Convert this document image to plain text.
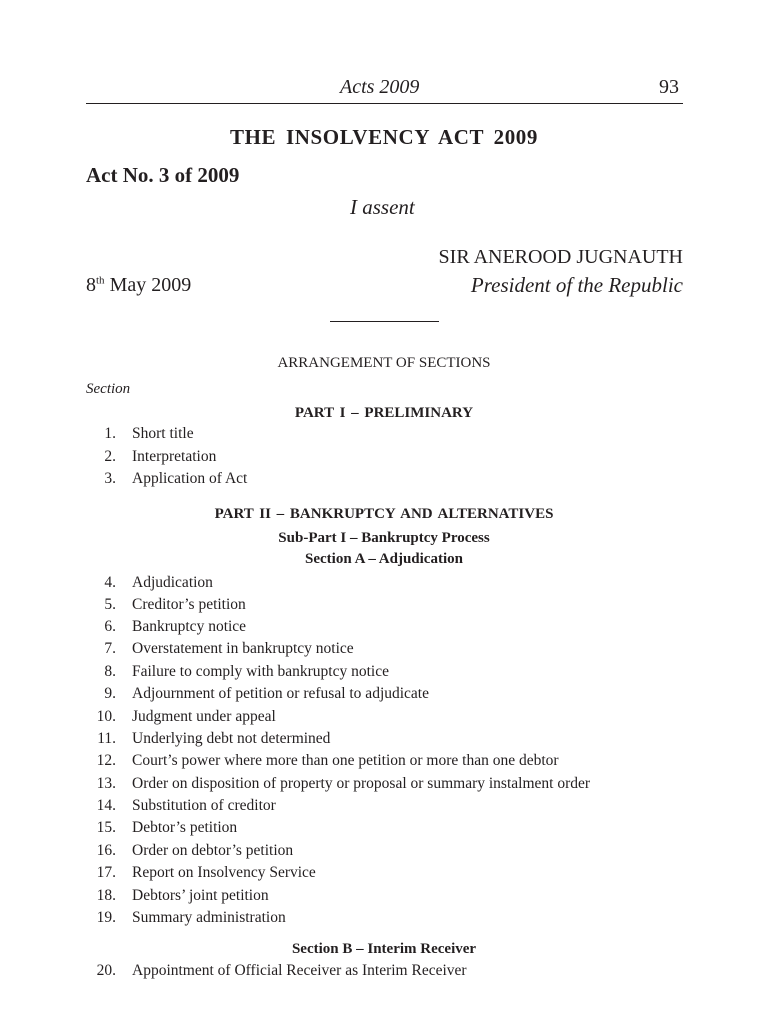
Acts 2009	93
THE INSOLVENCY ACT 2009
Act No. 3 of 2009
I assent
SIR ANEROOD JUGNAUTH
8th May 2009	President of the Republic
ARRANGEMENT OF SECTIONS
Section
PART I – PRELIMINARY
1. Short title
2. Interpretation
3. Application of Act
PART II – BANKRUPTCY AND ALTERNATIVES
Sub-Part I – Bankruptcy Process
Section A – Adjudication
4. Adjudication
5. Creditor’s petition
6. Bankruptcy notice
7. Overstatement in bankruptcy notice
8. Failure to comply with bankruptcy notice
9. Adjournment of petition or refusal to adjudicate
10. Judgment under appeal
11. Underlying debt not determined
12. Court’s power where more than one petition or more than one debtor
13. Order on disposition of property or proposal or summary instalment order
14. Substitution of creditor
15. Debtor’s petition
16. Order on debtor’s petition
17. Report on Insolvency Service
18. Debtors’ joint petition
19. Summary administration
Section B – Interim Receiver
20. Appointment of Official Receiver as Interim Receiver
